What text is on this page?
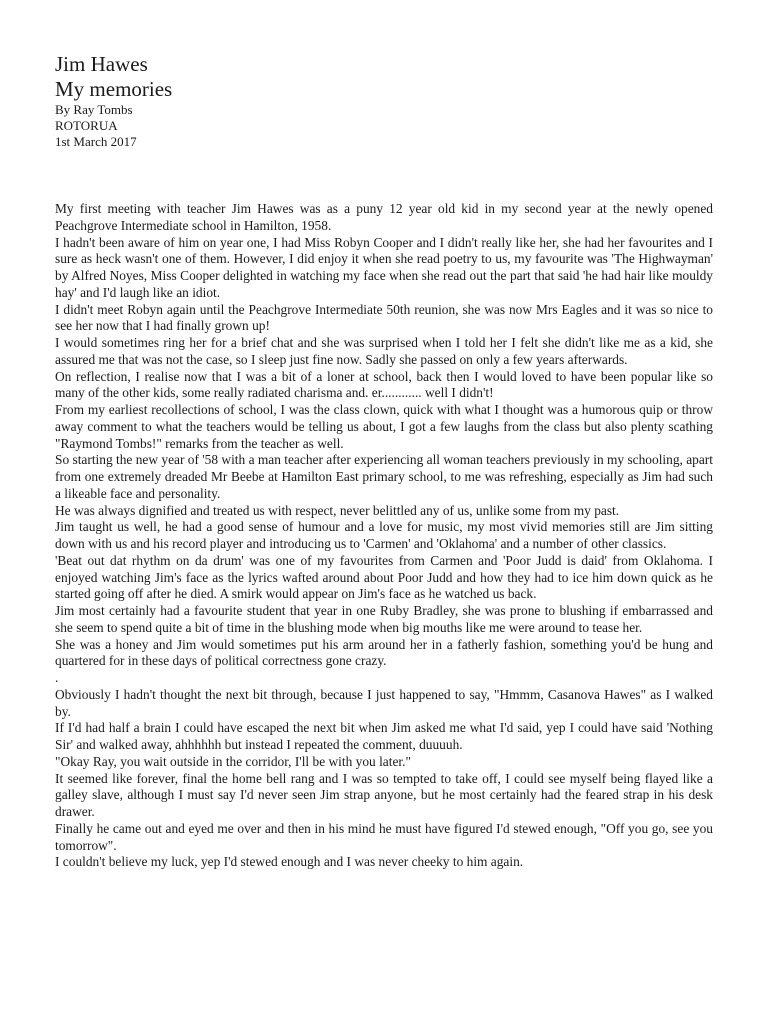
Jim Hawes
My memories

By Ray Tombs

ROTORUA

1st March 2017

My first meeting with teacher Jim Hawes was as a puny 12 year old kid in my second year at the newly opened Peachgrove Intermediate school in Hamilton, 1958.

I hadn't been aware of him on year one, I had Miss Robyn Cooper and I didn't really like her, she had her favourites and I sure as heck wasn't one of them. However, I did enjoy it when she read poetry to us, my favourite was 'The Highwayman' by Alfred Noyes, Miss Cooper delighted in watching my face when she read out the part that said 'he had hair like mouldy hay' and I'd laugh like an idiot.

I didn't meet Robyn again until the Peachgrove Intermediate 50th reunion, she was now Mrs Eagles and it was so nice to see her now that I had finally grown up!

I would sometimes ring her for a brief chat and she was surprised when I told her I felt she didn't like me as a kid, she assured me that was not the case, so I sleep just fine now. Sadly she passed on only a few years afterwards.

On reflection, I realise now that I was a bit of a loner at school, back then I would loved to have been popular like so many of the other kids, some really radiated charisma and. er............ well I didn't!

From my earliest recollections of school, I was the class clown, quick with what I thought was a humorous quip or throw away comment to what the teachers would be telling us about, I got a few laughs from the class but also plenty scathing "Raymond Tombs!" remarks from the teacher as well.

So starting the new year of '58 with a man teacher after experiencing all woman teachers previously in my schooling, apart from one extremely dreaded Mr Beebe at Hamilton East primary school, to me was refreshing, especially as Jim had such a likeable face and personality.

He was always dignified and treated us with respect, never belittled any of us, unlike some from my past.

Jim taught us well, he had a good sense of humour and a love for music, my most vivid memories still are Jim sitting down with us and his record player and introducing us to 'Carmen' and 'Oklahoma' and a number of other classics.

'Beat out dat rhythm on da drum' was one of my favourites from Carmen and 'Poor Judd is daid' from Oklahoma. I enjoyed watching Jim's face as the lyrics wafted around about Poor Judd and how they had to ice him down quick as he started going off after he died. A smirk would appear on Jim's face as he watched us back.

Jim most certainly had a favourite student that year in one Ruby Bradley, she was prone to blushing if embarrassed and she seem to spend quite a bit of time in the blushing mode when big mouths like me were around to tease her.

She was a honey and Jim would sometimes put his arm around her in a fatherly fashion, something you'd be hung and quartered for in these days of political correctness gone crazy.

.

Obviously I hadn't thought the next bit through, because I just happened to say, "Hmmm, Casanova Hawes" as I walked by.

If I'd had half a brain I could have escaped the next bit when Jim asked me what I'd said, yep I could have said 'Nothing Sir' and walked away, ahhhhhh but instead I repeated the comment, duuuuh.

"Okay Ray, you wait outside in the corridor, I'll be with you later."

It seemed like forever, final the home bell rang and I was so tempted to take off, I could see myself being flayed like a galley slave, although I must say I'd never seen Jim strap anyone, but he most certainly had the feared strap in his desk drawer.

Finally he came out and eyed me over and then in his mind he must have figured I'd stewed enough, "Off you go, see you tomorrow".

I couldn't believe my luck, yep I'd stewed enough and I was never cheeky to him again.
